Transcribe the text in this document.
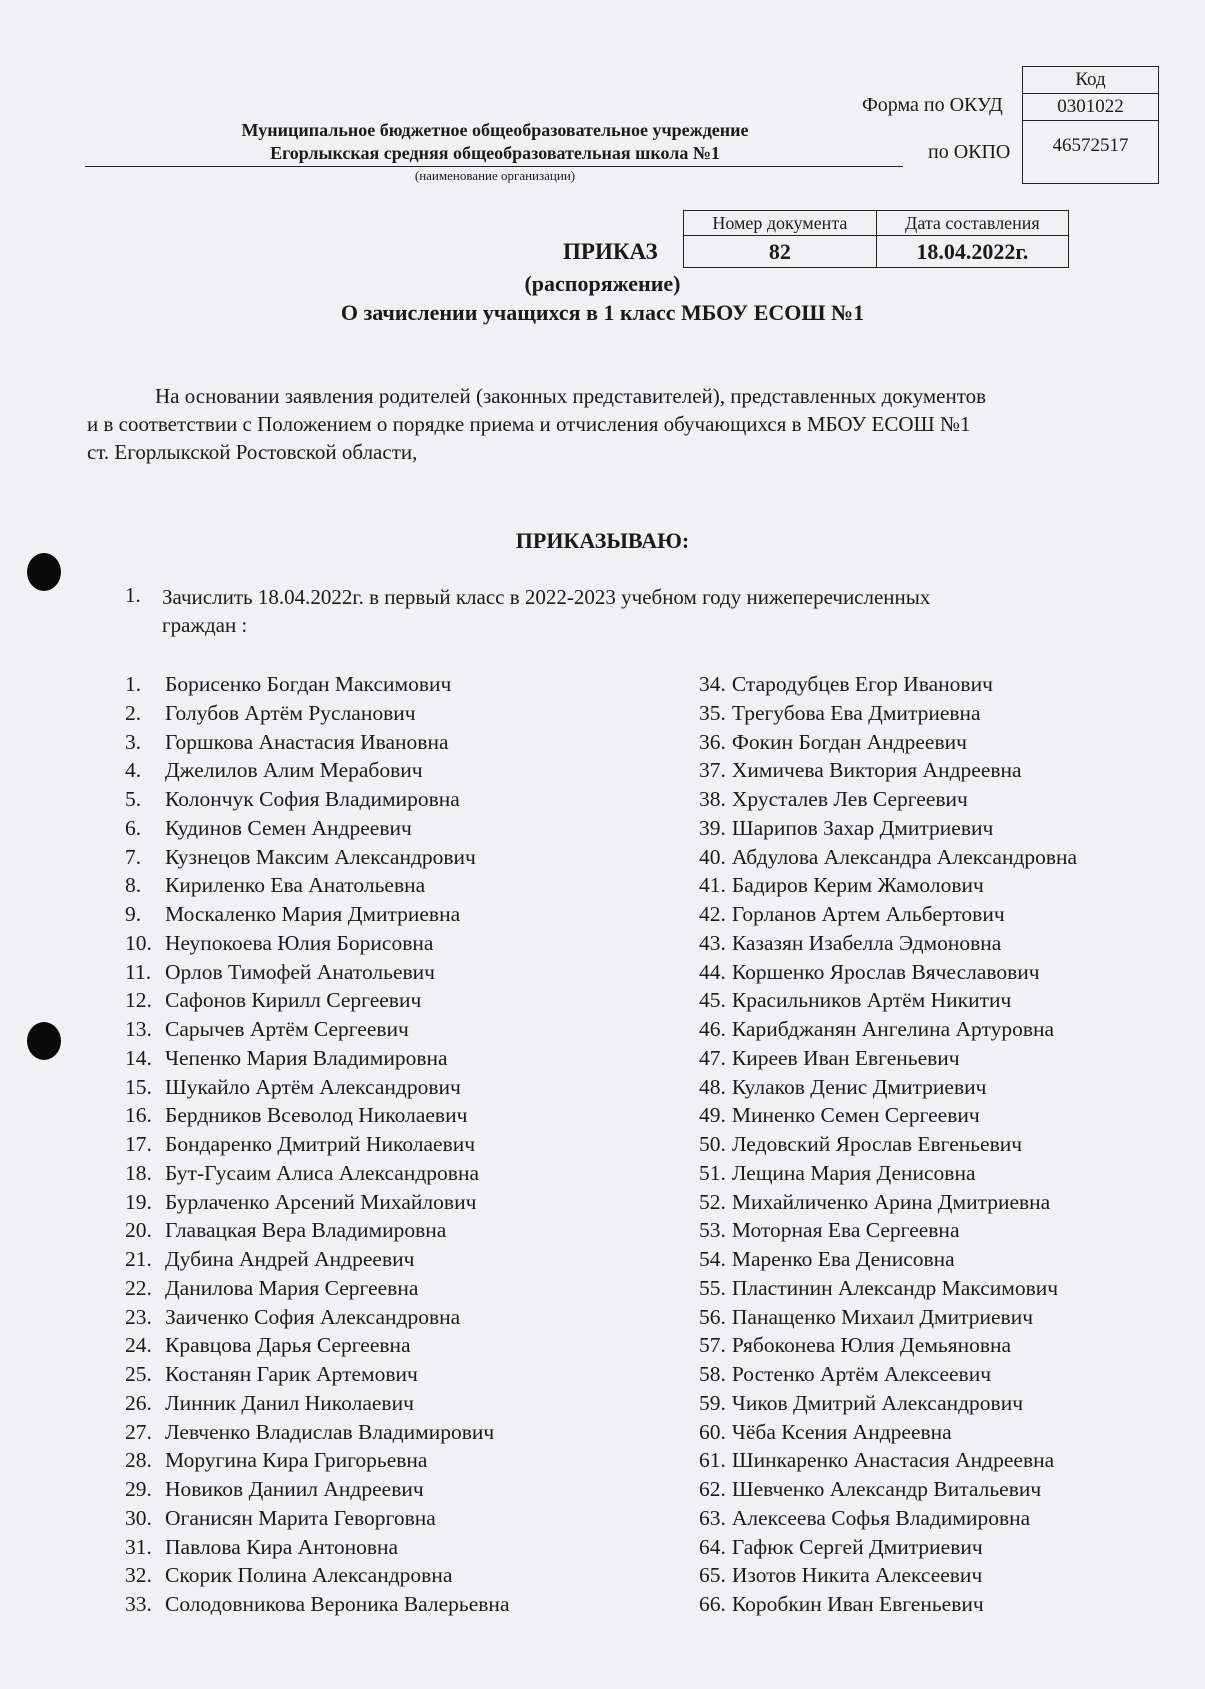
Код
0301022
46572517
Форма по ОКУД
по ОКПО
Муниципальное бюджетное общеобразовательное учреждение
Егорлыкская средняя общеобразовательная школа №1
(наименование организации)
Номер документа	Дата составления
82	18.04.2022г.
ПРИКАЗ
(распоряжение)
О зачислении учащихся в 1 класс МБОУ ЕСОШ №1

На основании заявления родителей (законных представителей), представленных документов

и в соответствии с Положением о порядке приема и отчисления обучающихся в МБОУ ЕСОШ №1

ст. Егорлыкской Ростовской области,

ПРИКАЗЫВАЮ:
1. Зачислить 18.04.2022г. в первый класс в 2022-2023 учебном году нижеперечисленных
граждан :
1. Борисенко Богдан Максимович
2. Голубов Артём Русланович
3. Горшкова Анастасия Ивановна
4. Джелилов Алим Мерабович
5. Колончук София Владимировна
6. Кудинов Семен Андреевич
7. Кузнецов Максим Александрович
8. Кириленко Ева Анатольевна
9. Москаленко Мария Дмитриевна
10. Неупокоева Юлия Борисовна
11. Орлов Тимофей Анатольевич
12. Сафонов Кирилл Сергеевич
13. Сарычев Артём Сергеевич
14. Чепенко Мария Владимировна
15. Шукайло Артём Александрович
16. Бердников Всеволод Николаевич
17. Бондаренко Дмитрий Николаевич
18. Бут-Гусаим Алиса Александровна
19. Бурлаченко Арсений Михайлович
20. Главацкая Вера Владимировна
21. Дубина Андрей Андреевич
22. Данилова Мария Сергеевна
23. Заиченко София Александровна
24. Кравцова Дарья Сергеевна
25. Костанян Гарик Артемович
26. Линник Данил Николаевич
27. Левченко Владислав Владимирович
28. Моругина Кира Григорьевна
29. Новиков Даниил Андреевич
30. Оганисян Марита Геворговна
31. Павлова Кира Антоновна
32. Скорик Полина Александровна
33. Солодовникова Вероника Валерьевна
34. Стародубцев Егор Иванович
35. Трегубова Ева Дмитриевна
36. Фокин Богдан Андреевич
37. Химичева Виктория Андреевна
38. Хрусталев Лев Сергеевич
39. Шарипов Захар Дмитриевич
40. Абдулова Александра Александровна
41. Бадиров Керим Жамолович
42. Горланов Артем Альбертович
43. Казазян Изабелла Эдмоновна
44. Коршенко Ярослав Вячеславович
45. Красильников Артём Никитич
46. Карибджанян Ангелина Артуровна
47. Киреев Иван Евгеньевич
48. Кулаков Денис Дмитриевич
49. Миненко Семен Сергеевич
50. Ледовский Ярослав Евгеньевич
51. Лещина Мария Денисовна
52. Михайличенко Арина Дмитриевна
53. Моторная Ева Сергеевна
54. Маренко Ева Денисовна
55. Пластинин Александр Максимович
56. Панащенко Михаил Дмитриевич
57. Рябоконева Юлия Демьяновна
58. Ростенко Артём Алексеевич
59. Чиков Дмитрий Александрович
60. Чёба Ксения Андреевна
61. Шинкаренко Анастасия Андреевна
62. Шевченко Александр Витальевич
63. Алексеева Софья Владимировна
64. Гафюк Сергей Дмитриевич
65. Изотов Никита Алексеевич
66. Коробкин Иван Евгеньевич
